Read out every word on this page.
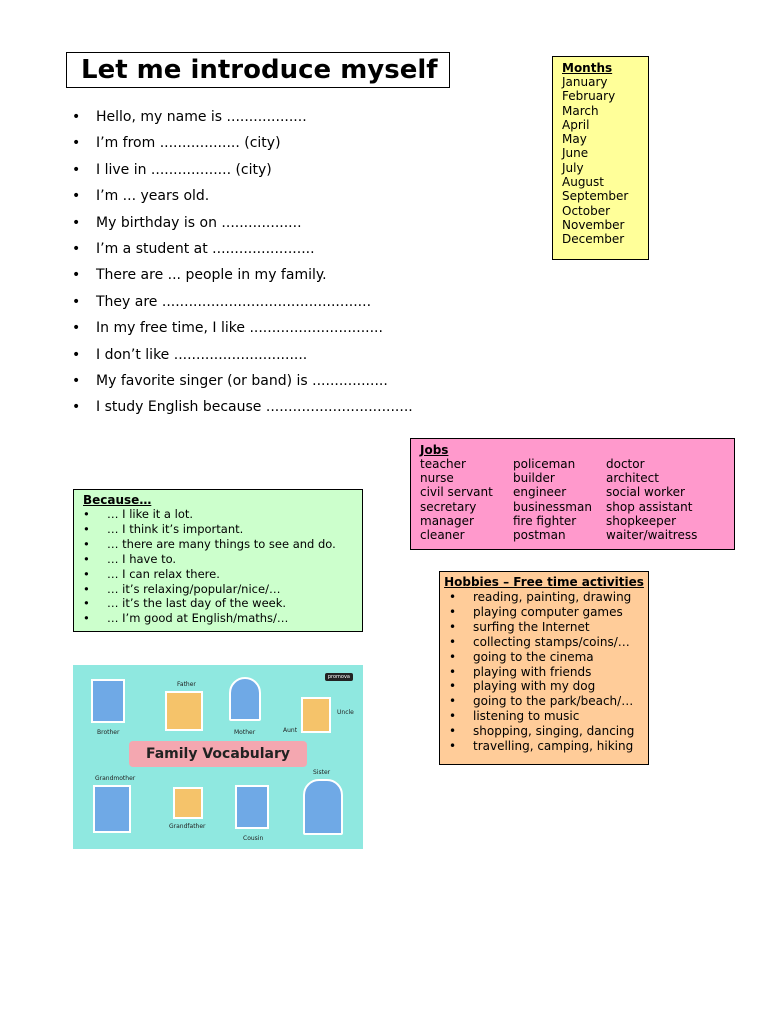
Let me introduce myself
• Hello, my name is ..................
• I’m from .................. (city)
• I live in .................. (city)
• I’m ... years old.
• My birthday is on ..................
• I’m a student at .......................
• There are ... people in my family.
• They are ...............................................
• In my free time, I like ..............................
• I don’t like ..............................
• My favorite singer (or band) is .................
• I study English because .................................
Months
January
February
March
April
May
June
July
August
September
October
November
December
Jobs
teacher
nurse
civil servant
secretary
manager
cleaner
policeman
builder
engineer
businessman
fire fighter
postman
doctor
architect
social worker
shop assistant
shopkeeper
waiter/waitress
Because…
• … I like it a lot.
• … I think it’s important.
• … there are many things to see and do.
• … I have to.
• … I can relax there.
• … it’s relaxing/popular/nice/…
• … it’s the last day of the week.
• … I’m good at English/maths/…
Hobbies – Free time activities
• reading, painting, drawing
• playing computer games
• surfing the Internet
• collecting stamps/coins/…
• going to the cinema
• playing with friends
• playing with my dog
• going to the park/beach/…
• listening to music
• shopping, singing, dancing
• travelling, camping, hiking
promova
Brother
Father
Mother	Aunt
Uncle
Family Vocabulary
Grandmother
Grandfather
Cousin
Sister
